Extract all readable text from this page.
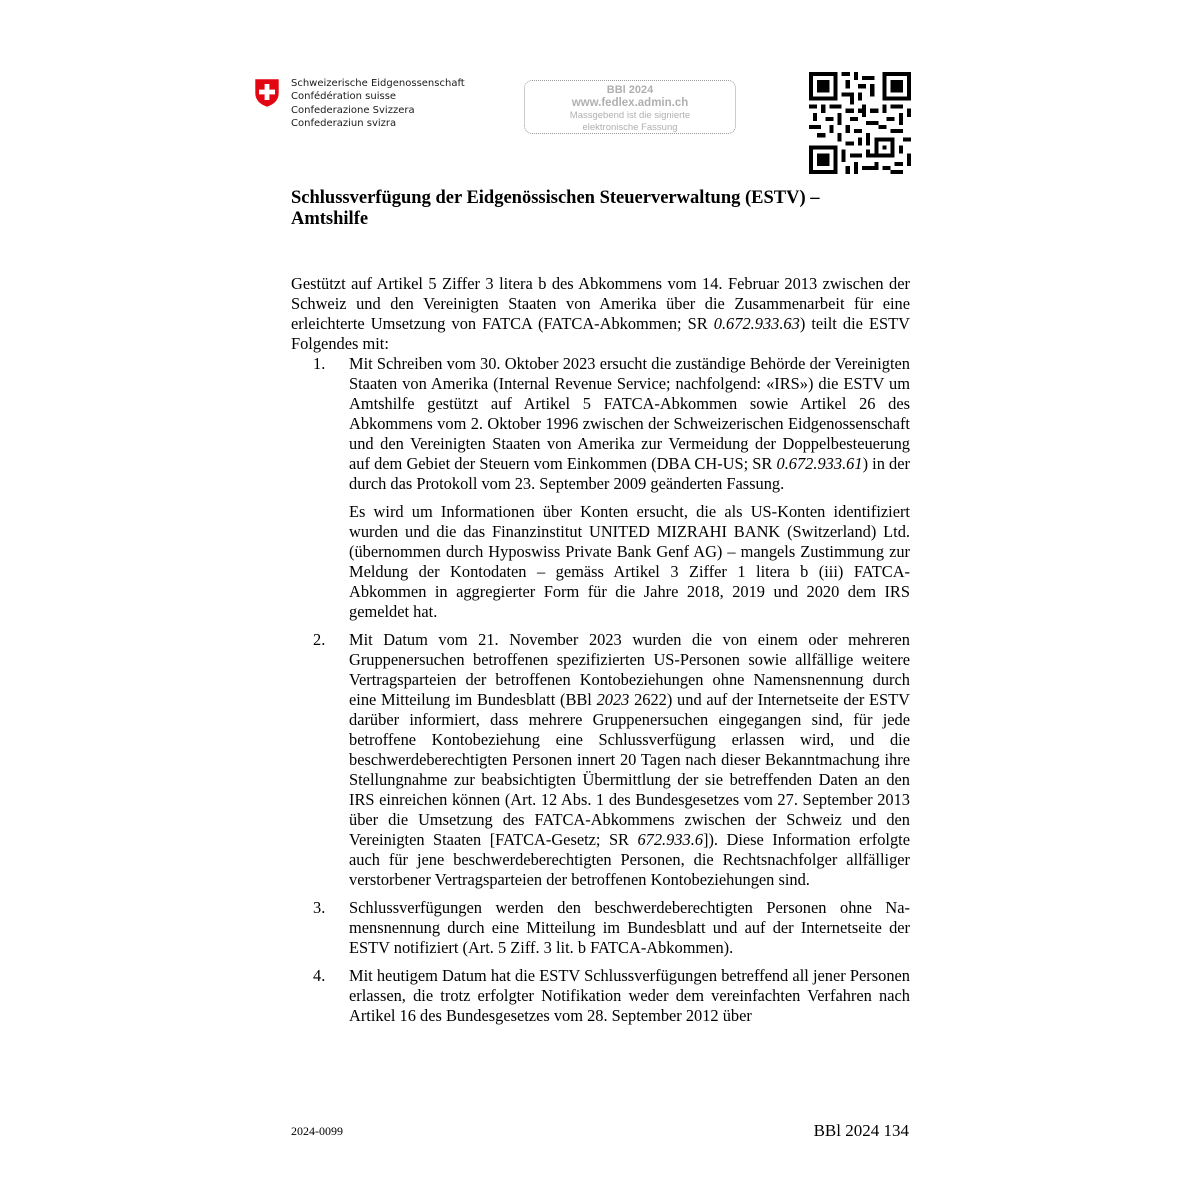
Schweizerische Eidgenossenschaft
Confédération suisse
Confederazione Svizzera
Confederaziun svizra
BBl 2024
www.fedlex.admin.ch
Massgebend ist die signierte
elektronische Fassung
Schlussverfügung der Eidgenössischen Steuerverwaltung (ESTV) –
Amtshilfe

Gestützt auf Artikel 5 Ziffer 3 litera b des Abkommens vom 14. Februar 2013 zwischen der Schweiz und den Vereinigten Staaten von Amerika über die Zusammenarbeit für eine erleichterte Umsetzung von FATCA (FATCA-Abkommen; SR 0.672.933.63) teilt die ESTV Folgendes mit:

1.	Mit Schreiben vom 30. Oktober 2023 ersucht die zuständige Behörde der Vereinigten Staaten von Amerika (Internal Revenue Service; nachfolgend: «IRS») die ESTV um Amtshilfe gestützt auf Artikel 5 FATCA-Abkommen sowie Artikel 26 des Abkommens vom 2. Oktober 1996 zwischen der Schweizerischen Eidgenossenschaft und den Vereinigten Staaten von Amerika zur Vermeidung der Doppelbesteuerung auf dem Gebiet der Steuern vom Einkommen (DBA CH-US; SR 0.672.933.61) in der durch das Protokoll vom 23. September 2009 geänderten Fassung.

Es wird um Informationen über Konten ersucht, die als US-Konten identifiziert wurden und die das Finanzinstitut UNITED MIZRAHI BANK (Switzerland) Ltd. (übernommen durch Hyposwiss Private Bank Genf AG) – mangels Zustimmung zur Meldung der Kontodaten – gemäss Artikel 3 Ziffer 1 litera b (iii) FATCA-Abkommen in aggregierter Form für die Jahre 2018, 2019 und 2020 dem IRS gemeldet hat.

2.	Mit Datum vom 21. November 2023 wurden die von einem oder mehreren Gruppenersuchen betroffenen spezifizierten US-Personen sowie allfällige weitere Vertragsparteien der betroffenen Kontobeziehungen ohne Namensnennung durch eine Mitteilung im Bundesblatt (BBl 2023 2622) und auf der Internetseite der ESTV darüber informiert, dass mehrere Gruppenersuchen eingegangen sind, für jede betroffene Kontobeziehung eine Schlussverfügung erlassen wird, und die beschwerdeberechtigten Personen innert 20 Tagen nach dieser Bekanntmachung ihre Stellungnahme zur beabsichtigten Übermittlung der sie betreffenden Daten an den IRS einreichen können (Art. 12 Abs. 1 des Bundesgesetzes vom 27. September 2013 über die Umsetzung des FATCA-Abkommens zwischen der Schweiz und den Vereinigten Staaten [FATCA-Gesetz; SR 672.933.6]). Diese Information erfolgte auch für jene beschwerdeberechtigten Personen, die Rechtsnachfolger allfälliger verstorbener Vertragsparteien der betroffenen Kontobeziehungen sind.

3.	Schlussverfügungen werden den beschwerdeberechtigten Personen ohne Namensnennung durch eine Mitteilung im Bundesblatt und auf der Internetseite der ESTV notifiziert (Art. 5 Ziff. 3 lit. b FATCA-Abkommen).

4.	Mit heutigem Datum hat die ESTV Schlussverfügungen betreffend all jener Personen erlassen, die trotz erfolgter Notifikation weder dem vereinfachten Verfahren nach Artikel 16 des Bundesgesetzes vom 28. September 2012 über

2024-0099	BBl 2024 134
